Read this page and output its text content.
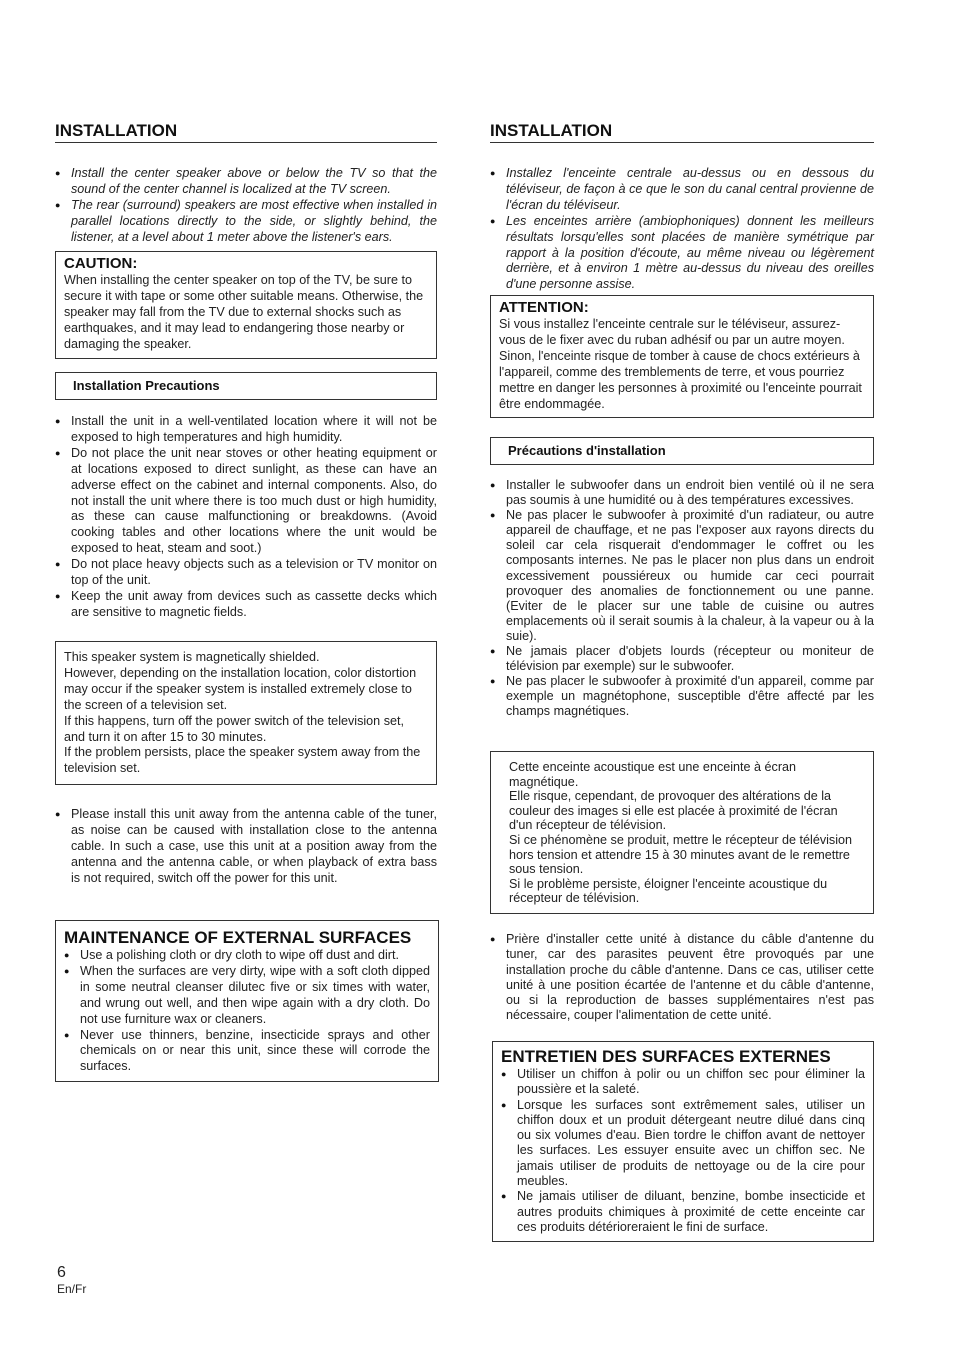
INSTALLATION
● Install the center speaker above or below the TV so that the sound of the center channel is localized at the TV screen.
● The rear (surround) speakers are most effective when installed in parallel locations directly to the side, or slightly behind, the listener, at a level about 1 meter above the listener's ears.
CAUTION:

When installing the center speaker on top of the TV, be sure to secure it with tape or some other suitable means. Otherwise, the speaker may fall from the TV due to external shocks such as earthquakes, and it may lead to endangering those nearby or damaging the speaker.

Installation Precautions
● Install the unit in a well-ventilated location where it will not be exposed to high temperatures and high humidity.
● Do not place the unit near stoves or other heating equipment or at locations exposed to direct sunlight, as these can have an adverse effect on the cabinet and internal components. Also, do not install the unit where there is too much dust or high humidity, as these can cause malfunctioning or breakdowns. (Avoid cooking tables and other locations where the unit would be exposed to heat, steam and soot.)
● Do not place heavy objects such as a television or TV monitor on top of the unit.
● Keep the unit away from devices such as cassette decks which are sensitive to magnetic fields.

This speaker system is magnetically shielded.

However, depending on the installation location, color distortion may occur if the speaker system is installed extremely close to the screen of a television set.

If this happens, turn off the power switch of the television set, and turn it on after 15 to 30 minutes.

If the problem persists, place the speaker system away from the television set.

● Please install this unit away from the antenna cable of the tuner, as noise can be caused with installation close to the antenna cable. In such a case, use this unit at a position away from the antenna and the antenna cable, or when playback of extra bass is not required, switch off the power for this unit.
MAINTENANCE OF EXTERNAL SURFACES
● Use a polishing cloth or dry cloth to wipe off dust and dirt.
● When the surfaces are very dirty, wipe with a soft cloth dipped in some neutral cleanser dilutec five or six times with water, and wrung out well, and then wipe again with a dry cloth. Do not use furniture wax or cleaners.
● Never use thinners, benzine, insecticide sprays and other chemicals on or near this unit, since these will corrode the surfaces.
INSTALLATION
● Installez l'enceinte centrale au-dessus ou en dessous du téléviseur, de façon à ce que le son du canal central provienne de l'écran du téléviseur.
● Les enceintes arrière (ambiophoniques) donnent les meilleurs résultats lorsqu'elles sont placées de manière symétrique par rapport à la position d'écoute, au même niveau ou légèrement derrière, et à environ 1 mètre au-dessus du niveau des oreilles d'une personne assise.
ATTENTION:

Si vous installez l'enceinte centrale sur le téléviseur, assurez-vous de le fixer avec du ruban adhésif ou par un autre moyen. Sinon, l'enceinte risque de tomber à cause de chocs extérieurs à l'appareil, comme des tremblements de terre, et vous pourriez mettre en danger les personnes à proximité ou l'enceinte pourrait être endommagée.

Précautions d'installation
● Installer le subwoofer dans un endroit bien ventilé où il ne sera pas soumis à une humidité ou à des températures excessives.
● Ne pas placer le subwoofer à proximité d'un radiateur, ou autre appareil de chauffage, et ne pas l'exposer aux rayons directs du soleil car cela risquerait d'endommager le coffret ou les composants internes. Ne pas le placer non plus dans un endroit excessivement poussiéreux ou humide car ceci pourrait provoquer des anomalies de fonctionnement ou une panne. (Eviter de le placer sur une table de cuisine ou autres emplacements où il serait soumis à la chaleur, à la vapeur ou à la suie).
● Ne jamais placer d'objets lourds (récepteur ou moniteur de télévision par exemple) sur le subwoofer.
● Ne pas placer le subwoofer à proximité d'un appareil, comme par exemple un magnétophone, susceptible d'être affecté par les champs magnétiques.

Cette enceinte acoustique est une enceinte à écran magnétique.

Elle risque, cependant, de provoquer des altérations de la couleur des images si elle est placée à proximité de l'écran d'un récepteur de télévision.

Si ce phénomène se produit, mettre le récepteur de télévision hors tension et attendre 15 à 30 minutes avant de le remettre sous tension.

Si le problème persiste, éloigner l'enceinte acoustique du récepteur de télévision.

● Prière d'installer cette unité à distance du câble d'antenne du tuner, car des parasites peuvent être provoqués par une installation proche du câble d'antenne. Dans ce cas, utiliser cette unité à une position écartée de l'antenne et du câble d'antenne, ou si la reproduction de basses supplémentaires n'est pas nécessaire, couper l'alimentation de cette unité.
ENTRETIEN DES SURFACES EXTERNES
● Utiliser un chiffon à polir ou un chiffon sec pour éliminer la poussière et la saleté.
● Lorsque les surfaces sont extrêmement sales, utiliser un chiffon doux et un produit détergeant neutre dilué dans cinq ou six volumes d'eau. Bien tordre le chiffon avant de nettoyer les surfaces. Les essuyer ensuite avec un chiffon sec. Ne jamais utiliser de produits de nettoyage ou de la cire pour meubles.
● Ne jamais utiliser de diluant, benzine, bombe insecticide et autres produits chimiques à proximité de cette enceinte car ces produits détérioreraient le fini de surface.
6
En/Fr
